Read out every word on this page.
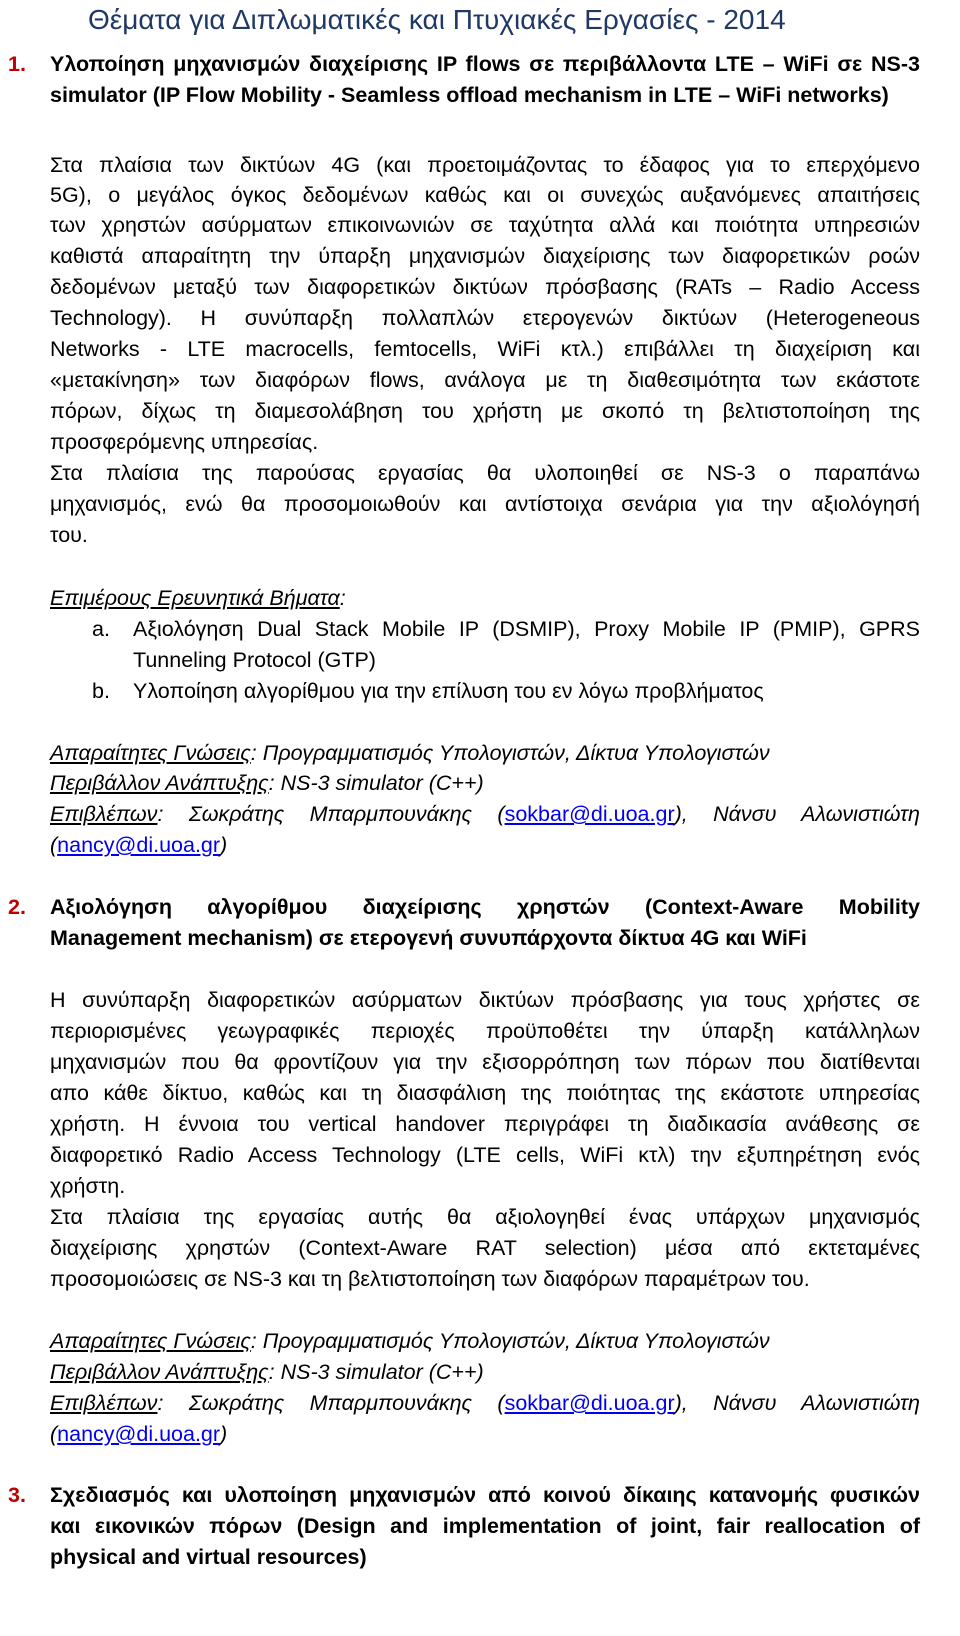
Θέματα για Διπλωματικές και Πτυχιακές Εργασίες - 2014
1. Υλοποίηση μηχανισμών διαχείρισης IP flows σε περιβάλλοντα LTE – WiFi σε NS-3
simulator (IP Flow Mobility - Seamless offload mechanism in LTE – WiFi networks)
Στα πλαίσια των δικτύων 4G (και προετοιμάζοντας το έδαφος για το επερχόμενο
5G), ο μεγάλος όγκος δεδομένων καθώς και οι συνεχώς αυξανόμενες απαιτήσεις
των χρηστών ασύρματων επικοινωνιών σε ταχύτητα αλλά και ποιότητα υπηρεσιών
καθιστά απαραίτητη την ύπαρξη μηχανισμών διαχείρισης των διαφορετικών ροών
δεδομένων μεταξύ των διαφορετικών δικτύων πρόσβασης (RATs – Radio Access
Technology). Η συνύπαρξη πολλαπλών ετερογενών δικτύων (Heterogeneous
Networks - LTE macrocells, femtocells, WiFi κτλ.) επιβάλλει τη διαχείριση και
«μετακίνηση» των διαφόρων flows, ανάλογα με τη διαθεσιμότητα των εκάστοτε
πόρων, δίχως τη διαμεσολάβηση του χρήστη με σκοπό τη βελτιστοποίηση της
προσφερόμενης υπηρεσίας.
Στα πλαίσια της παρούσας εργασίας θα υλοποιηθεί σε NS-3 ο παραπάνω
μηχανισμός, ενώ θα προσομοιωθούν και αντίστοιχα σενάρια για την αξιολόγησή
του.
Επιμέρους Ερευνητικά Βήματα:
a. Αξιολόγηση Dual Stack Mobile IP (DSMIP), Proxy Mobile IP (PMIP), GPRS
Tunneling Protocol (GTP)
b. Υλοποίηση αλγορίθμου για την επίλυση του εν λόγω προβλήματος
Απαραίτητες Γνώσεις: Προγραμματισμός Υπολογιστών, Δίκτυα Υπολογιστών
Περιβάλλον Ανάπτυξης: NS-3 simulator (C++)
Επιβλέπων: Σωκράτης Μπαρμπουνάκης (sokbar@di.uoa.gr), Νάνσυ Αλωνιστιώτη
(nancy@di.uoa.gr)
2. Αξιολόγηση αλγορίθμου διαχείρισης χρηστών (Context-Aware Mobility
Management mechanism) σε ετερογενή συνυπάρχοντα δίκτυα 4G και WiFi
Η συνύπαρξη διαφορετικών ασύρματων δικτύων πρόσβασης για τους χρήστες σε
περιορισμένες γεωγραφικές περιοχές προϋποθέτει την ύπαρξη κατάλληλων
μηχανισμών που θα φροντίζουν για την εξισορρόπηση των πόρων που διατίθενται
απο κάθε δίκτυο, καθώς και τη διασφάλιση της ποιότητας της εκάστοτε υπηρεσίας
χρήστη. Η έννοια του vertical handover περιγράφει τη διαδικασία ανάθεσης σε
διαφορετικό Radio Access Technology (LTE cells, WiFi κτλ) την εξυπηρέτηση ενός
χρήστη.
Στα πλαίσια της εργασίας αυτής θα αξιολογηθεί ένας υπάρχων μηχανισμός
διαχείρισης χρηστών (Context-Aware RAT selection) μέσα από εκτεταμένες
προσομοιώσεις σε NS-3 και τη βελτιστοποίηση των διαφόρων παραμέτρων του.
Απαραίτητες Γνώσεις: Προγραμματισμός Υπολογιστών, Δίκτυα Υπολογιστών
Περιβάλλον Ανάπτυξης: NS-3 simulator (C++)
Επιβλέπων: Σωκράτης Μπαρμπουνάκης (sokbar@di.uoa.gr), Νάνσυ Αλωνιστιώτη
(nancy@di.uoa.gr)
3. Σχεδιασμός και υλοποίηση μηχανισμών από κοινού δίκαιης κατανομής φυσικών
και εικονικών πόρων (Design and implementation of joint, fair reallocation of
physical and virtual resources)
